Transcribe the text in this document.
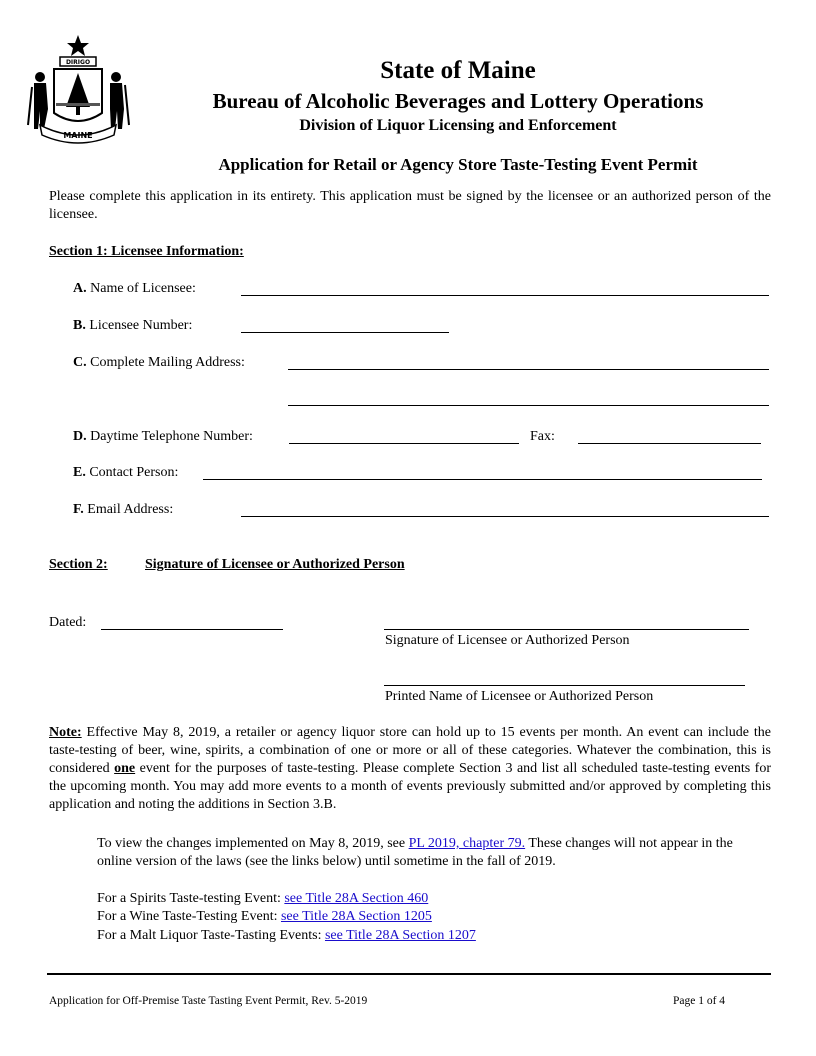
DIRIGO
MAINE
State of Maine
Bureau of Alcoholic Beverages and Lottery Operations
Division of Liquor Licensing and Enforcement
Application for Retail or Agency Store Taste-Testing Event Permit
Please complete this application in its entirety. This application must be signed by the licensee or an authorized person of the licensee.
Section 1: Licensee Information:
A. Name of Licensee:
B. Licensee Number:
C. Complete Mailing Address:
D. Daytime Telephone Number:	Fax:
E. Contact Person:
F. Email Address:
Section 2:	Signature of Licensee or Authorized Person
Dated:
Signature of Licensee or Authorized Person
Printed Name of Licensee or Authorized Person
Note: Effective May 8, 2019, a retailer or agency liquor store can hold up to 15 events per month. An event can include the taste-testing of beer, wine, spirits, a combination of one or more or all of these categories. Whatever the combination, this is considered one event for the purposes of taste-testing. Please complete Section 3 and list all scheduled taste-testing events for the upcoming month. You may add more events to a month of events previously submitted and/or approved by completing this application and noting the additions in Section 3.B.
To view the changes implemented on May 8, 2019, see PL 2019, chapter 79. These changes will not appear in the online version of the laws (see the links below) until sometime in the fall of 2019.
For a Spirits Taste-testing Event: see Title 28A Section 460
For a Wine Taste-Testing Event: see Title 28A Section 1205
For a Malt Liquor Taste-Tasting Events: see Title 28A Section 1207
Application for Off-Premise Taste Tasting Event Permit, Rev. 5-2019	Page 1 of 4
